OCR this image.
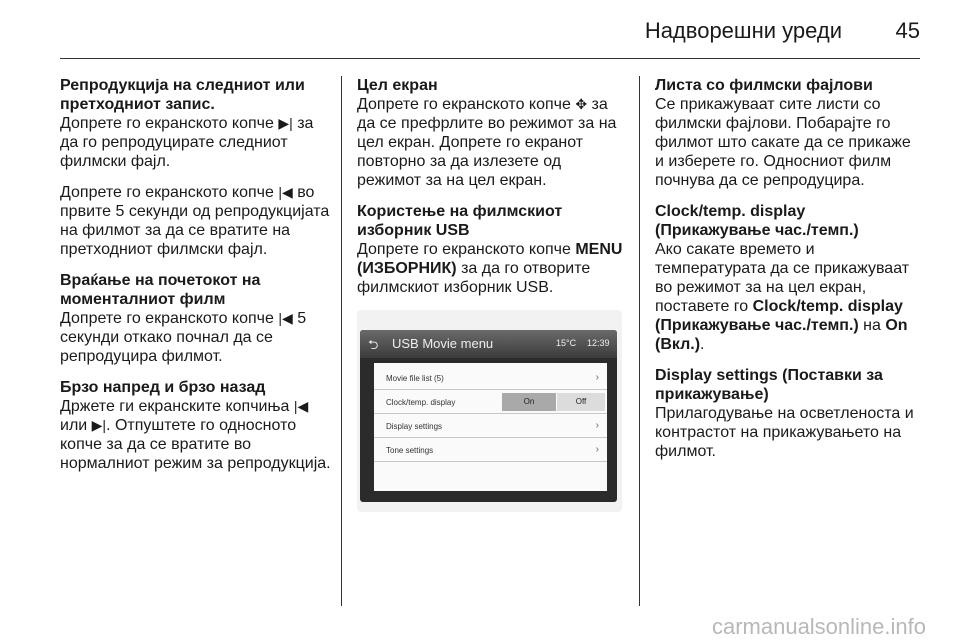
Надворешни уреди 45

Репродукција на следниот или претходниот запис.

Допрете го екранското копче ▶| за да го репродуцирате следниот филмски фајл.

Допрете го екранското копче |◀ во првите 5 секунди од репродукцијата на филмот за да се вратите на претходниот филмски фајл.

Враќање на почетокот на моменталниот филм

Допрете го екранското копче |◀ 5 секунди откако почнал да се репродуцира филмот.

Брзо напред и брзо назад

Држете ги екранските копчиња |◀ или ▶|. Отпуштете го односното копче за да се вратите во нормалниот режим за репродукција.

Цел екран

Допрете го екранското копче ✥ за да се префрлите во режимот за на цел екран. Допрете го екранот повторно за да излезете од режимот за на цел екран.

Користење на филмскиот изборник USB

Допрете го екранското копче MENU (ИЗБОРНИК) за да го отворите филмскиот изборник USB.

⮌ USB Movie menu	15°C 12:39
Movie file list (5)	›
Clock/temp. display	On	Off
Display settings	›
Tone settings	›

Листа со филмски фајлови

Се прикажуваат сите листи со филмски фајлови. Побарајте го филмот што сакате да се прикаже и изберете го. Односниот филм почнува да се репродуцира.

Clock/temp. display (Прикажување час./темп.)

Ако сакате времето и температурата да се прикажуваат во режимот за на цел екран, поставете го Clock/temp. display (Прикажување час./темп.) на On (Вкл.).

Display settings (Поставки за прикажување)

Прилагодување на осветленоста и контрастот на прикажувањето на филмот.

carmanualsonline.info
